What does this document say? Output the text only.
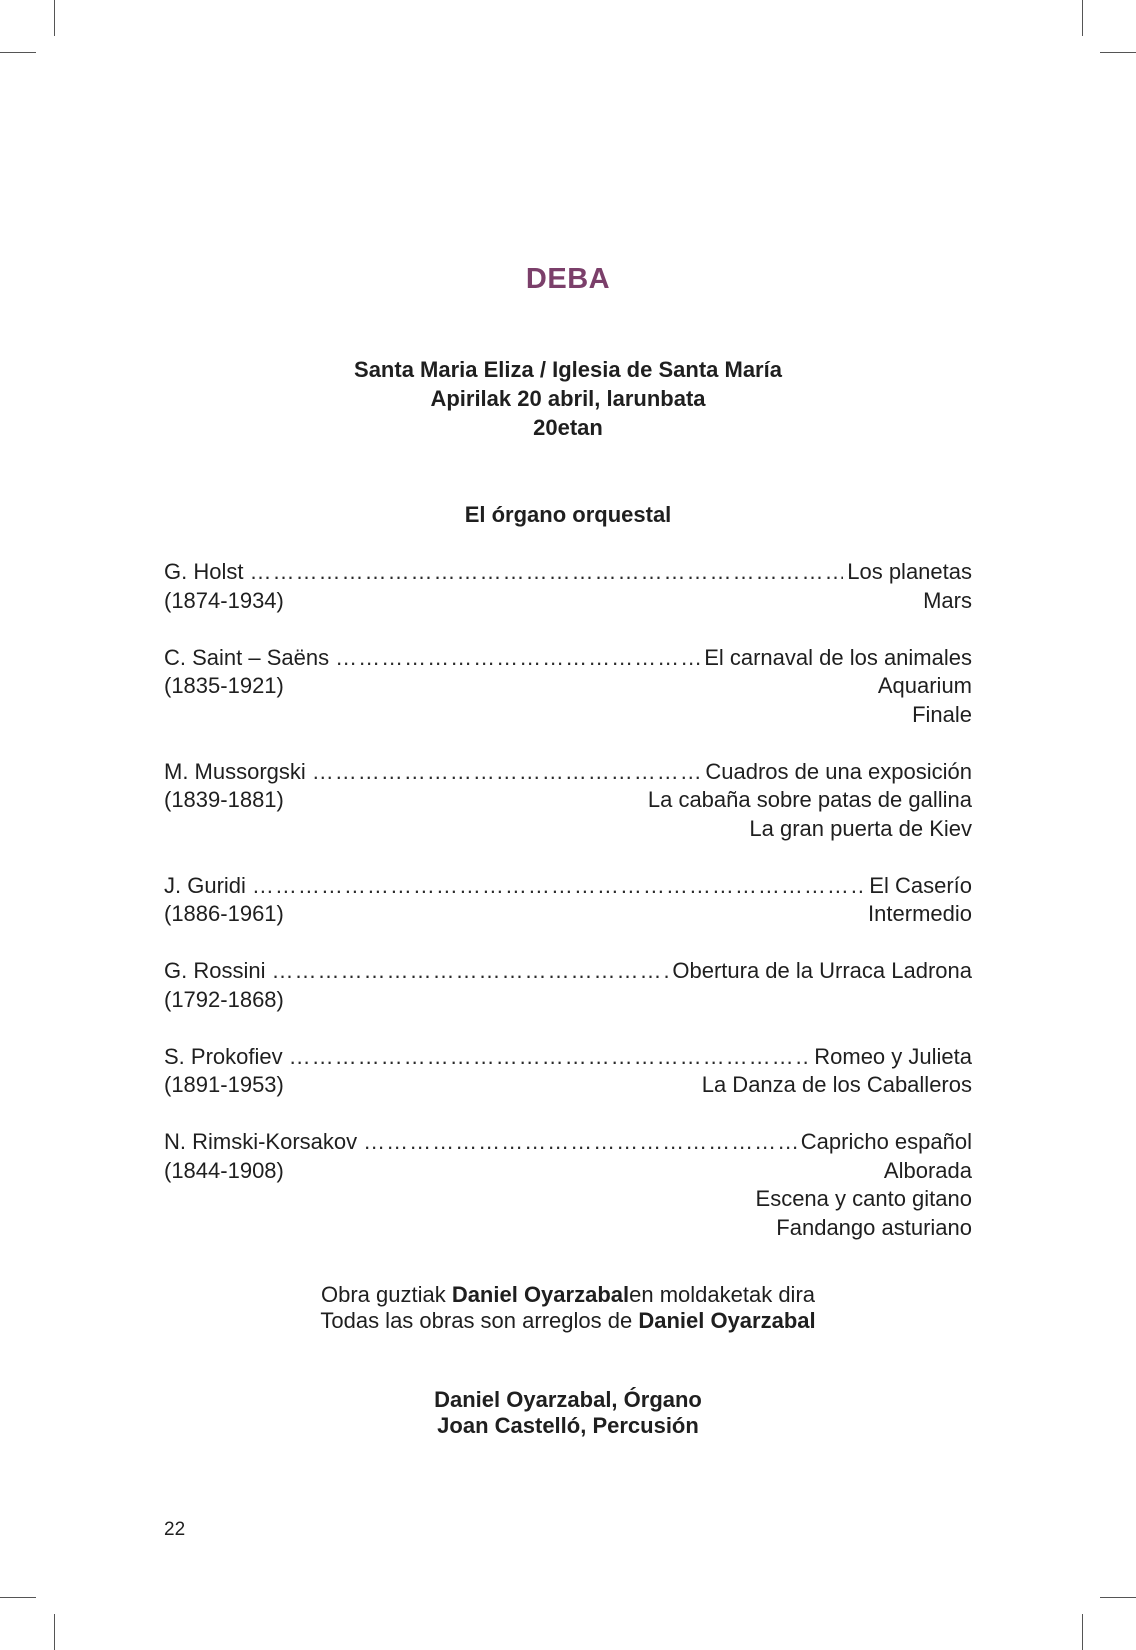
DEBA
Santa Maria Eliza / Iglesia de Santa María
Apirilak 20 abril, larunbata
20etan
El órgano orquestal
G. Holst ………………………………………………………………………………………………………………………………………………………………………………………………………………	Los planetas
(1874-1934)	Mars
C. Saint – Saëns ………………………………………………………………………………………………………………………………………………………………………………………………………………	El carnaval de los animales
(1835-1921)	Aquarium
Finale
M. Mussorgski ………………………………………………………………………………………………………………………………………………………………………………………………………………	Cuadros de una exposición
(1839-1881)	La cabaña sobre patas de gallina
La gran puerta de Kiev
J. Guridi ………………………………………………………………………………………………………………………………………………………………………………………………………………	El Caserío
(1886-1961)	Intermedio
G. Rossini ………………………………………………………………………………………………………………………………………………………………………………………………………………	Obertura de la Urraca Ladrona
(1792-1868)
S. Prokofiev ………………………………………………………………………………………………………………………………………………………………………………………………………………	Romeo y Julieta
(1891-1953)	La Danza de los Caballeros
N. Rimski-Korsakov ………………………………………………………………………………………………………………………………………………………………………………………………………………	Capricho español
(1844-1908)	Alborada
Escena y canto gitano
Fandango asturiano
Obra guztiak Daniel Oyarzabalen moldaketak dira
Todas las obras son arreglos de Daniel Oyarzabal
Daniel Oyarzabal, Órgano
Joan Castelló, Percusión
22
